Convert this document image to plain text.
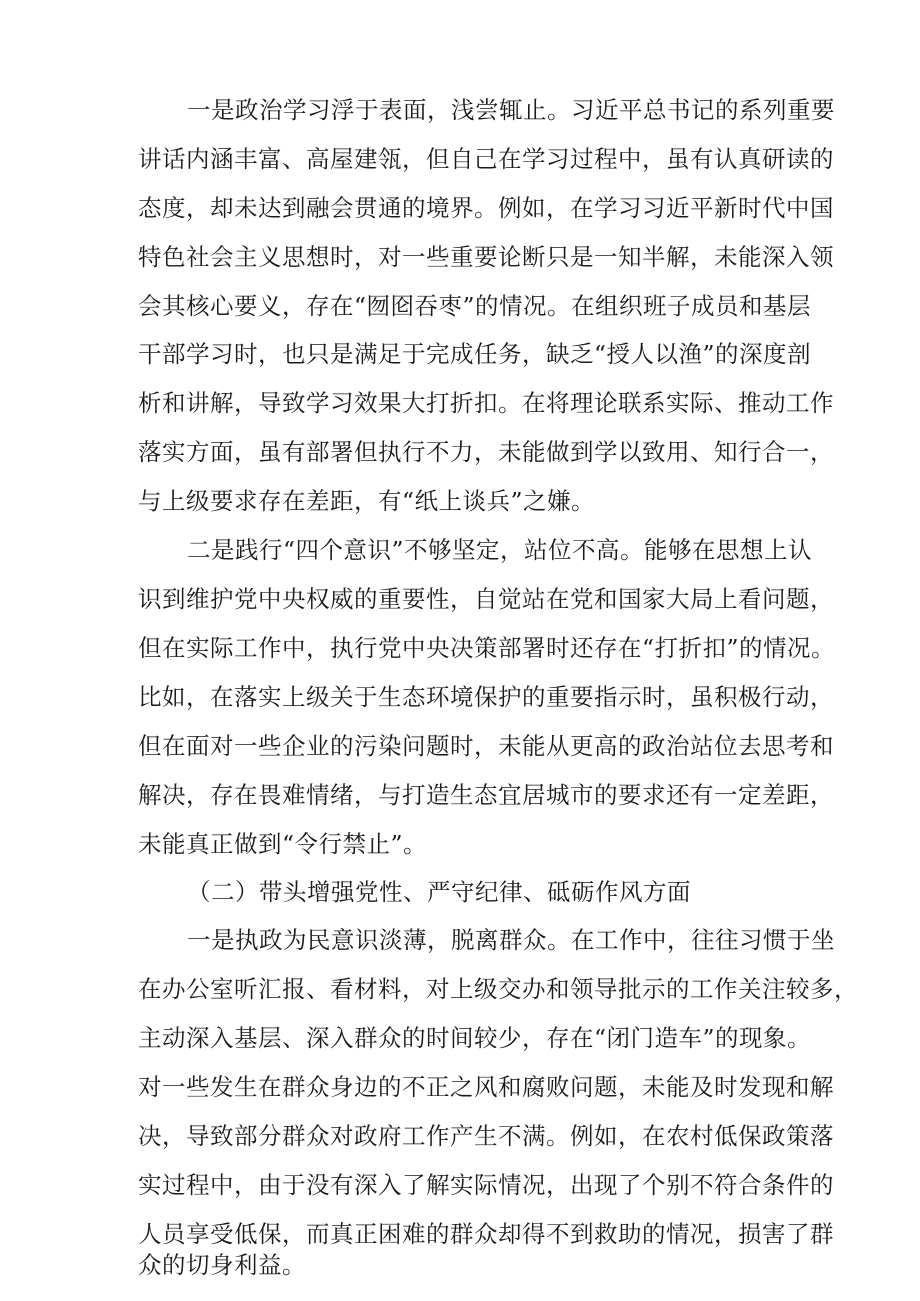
一是政治学习浮于表面，浅尝辄止。习近平总书记的系列重要
讲话内涵丰富、高屋建瓴，但自己在学习过程中，虽有认真研读的
态度，却未达到融会贯通的境界。例如，在学习习近平新时代中国
特色社会主义思想时，对一些重要论断只是一知半解，未能深入领
会其核心要义，存在“囫囵吞枣”的情况。在组织班子成员和基层
干部学习时，也只是满足于完成任务，缺乏“授人以渔”的深度剖
析和讲解，导致学习效果大打折扣。在将理论联系实际、推动工作
落实方面，虽有部署但执行不力，未能做到学以致用、知行合一，
与上级要求存在差距，有“纸上谈兵”之嫌。
二是践行“四个意识”不够坚定，站位不高。能够在思想上认
识到维护党中央权威的重要性，自觉站在党和国家大局上看问题，
但在实际工作中，执行党中央决策部署时还存在“打折扣”的情况。
比如，在落实上级关于生态环境保护的重要指示时，虽积极行动，
但在面对一些企业的污染问题时，未能从更高的政治站位去思考和
解决，存在畏难情绪，与打造生态宜居城市的要求还有一定差距，
未能真正做到“令行禁止”。
（二）带头增强党性、严守纪律、砥砺作风方面
一是执政为民意识淡薄，脱离群众。在工作中，往往习惯于坐
在办公室听汇报、看材料，对上级交办和领导批示的工作关注较多，
主动深入基层、深入群众的时间较少，存在“闭门造车”的现象。
对一些发生在群众身边的不正之风和腐败问题，未能及时发现和解
决，导致部分群众对政府工作产生不满。例如，在农村低保政策落
实过程中，由于没有深入了解实际情况，出现了个别不符合条件的
人员享受低保，而真正困难的群众却得不到救助的情况，损害了群
众的切身利益。
